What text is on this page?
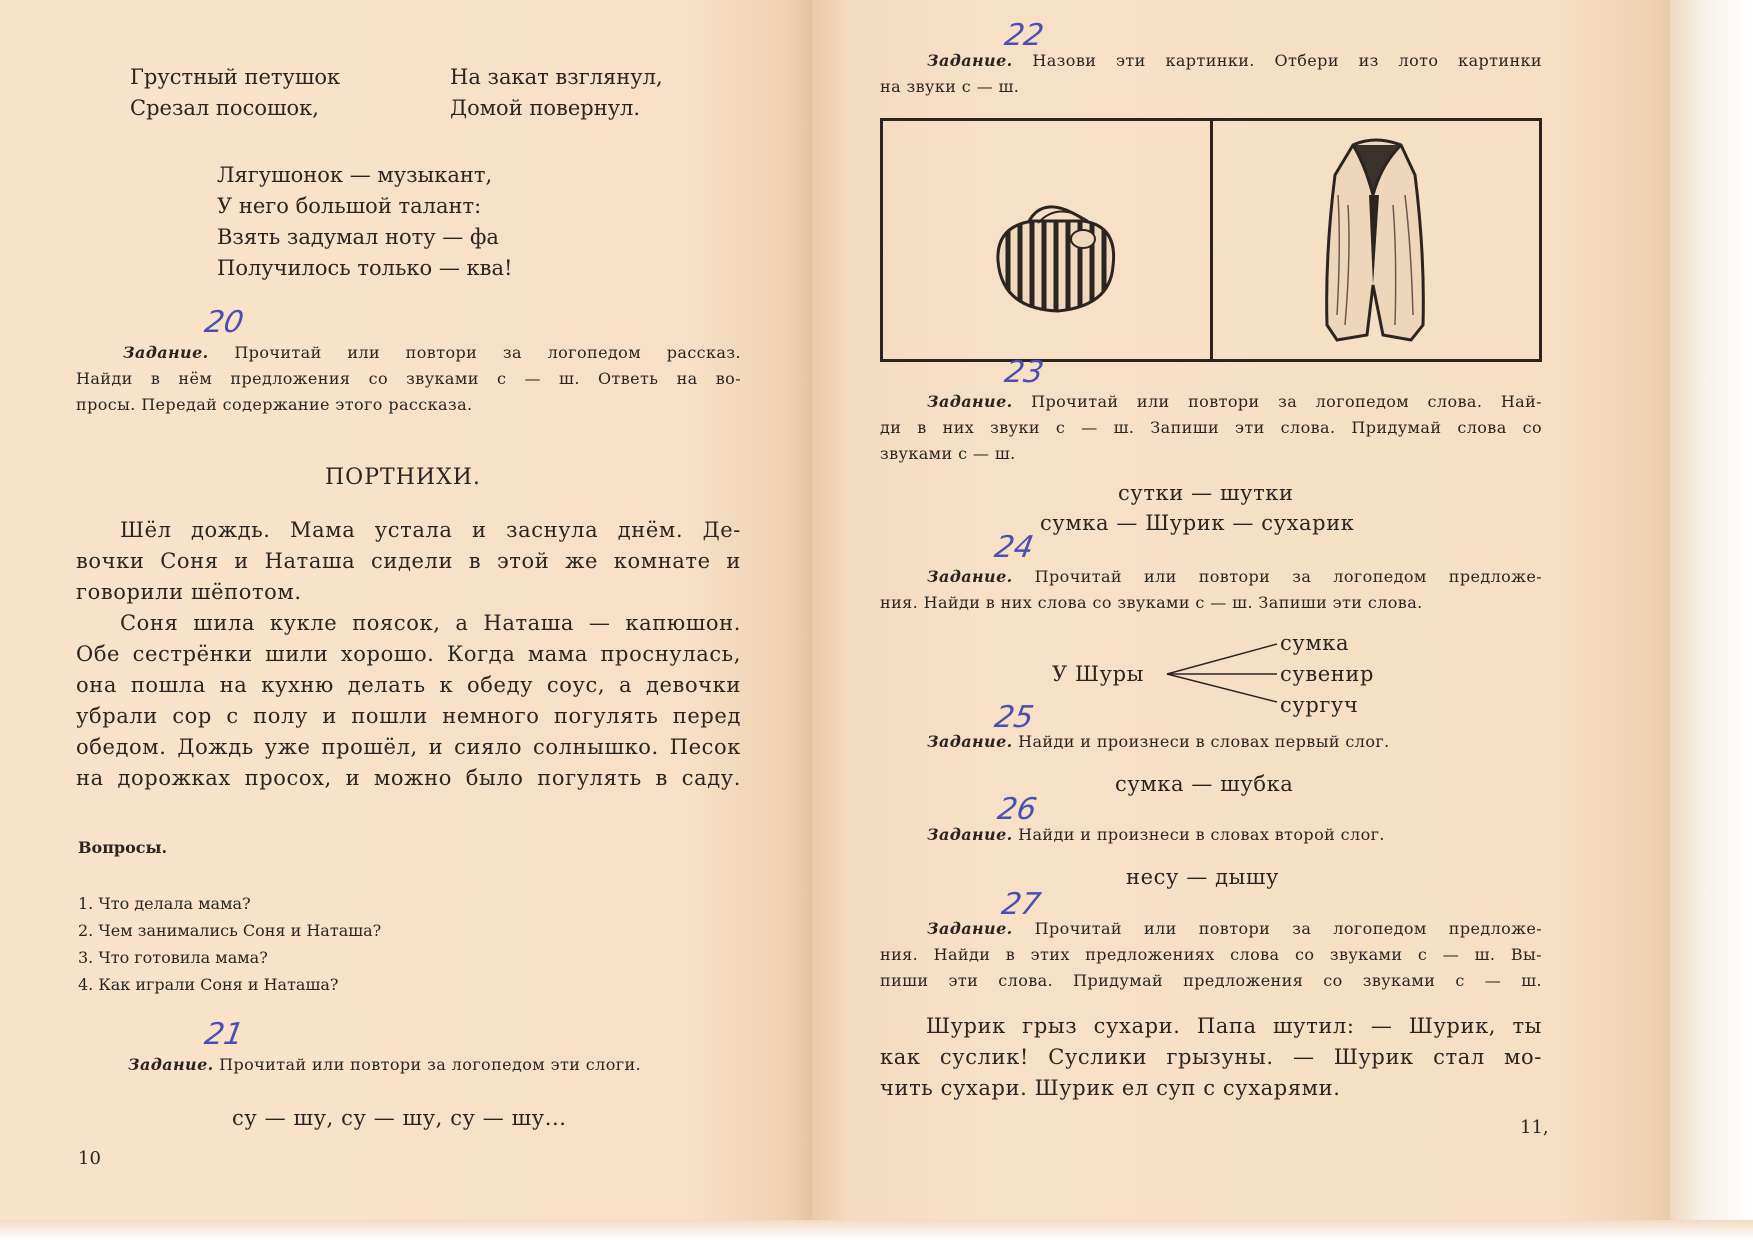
Грустный петушок
Срезал посошок,
На закат взглянул,
Домой повернул.
Лягушонок — музыкант,
У него большой талант:
Взять задумал ноту — фа
Получилось только — ква!
20
Задание. Прочитай или повтори за логопедом рассказ.
Найди в нём предложения со звуками с — ш. Ответь на во-
просы. Передай содержание этого рассказа.
ПОРТНИХИ.
Шёл дождь. Мама устала и заснула днём. Де-
вочки Соня и Наташа сидели в этой же комнате и
говорили шёпотом.
Соня шила кукле поясок, а Наташа — капюшон.
Обе сестрёнки шили хорошо. Когда мама проснулась,
она пошла на кухню делать к обеду соус, а девочки
убрали сор с полу и пошли немного погулять перед
обедом. Дождь уже прошёл, и сияло солнышко. Песок
на дорожках просох, и можно было погулять в саду.
Вопросы.
1. Что делала мама?
2. Чем занимались Соня и Наташа?
3. Что готовила мама?
4. Как играли Соня и Наташа?
21
Задание. Прочитай или повтори за логопедом эти слоги.
су — шу, су — шу, су — шу...
10
22
Задание. Назови эти картинки. Отбери из лото картинки
на звуки с — ш.
23
Задание. Прочитай или повтори за логопедом слова. Най-
ди в них звуки с — ш. Запиши эти слова. Придумай слова со
звуками с — ш.
сутки — шутки
сумка — Шурик — сухарик
24
Задание. Прочитай или повтори за логопедом предложе-
ния. Найди в них слова со звуками с — ш. Запиши эти слова.
У Шуры
сумка
сувенир
сургуч
25
Задание. Найди и произнеси в словах первый слог.
сумка — шубка
26
Задание. Найди и произнеси в словах второй слог.
несу — дышу
27
Задание. Прочитай или повтори за логопедом предложе-
ния. Найди в этих предложениях слова со звуками с — ш. Вы-
пиши эти слова. Придумай предложения со звуками с — ш.
Шурик грыз сухари. Папа шутил: — Шурик, ты
как суслик! Суслики грызуны. — Шурик стал мо-
чить сухари. Шурик ел суп с сухарями.
11,
